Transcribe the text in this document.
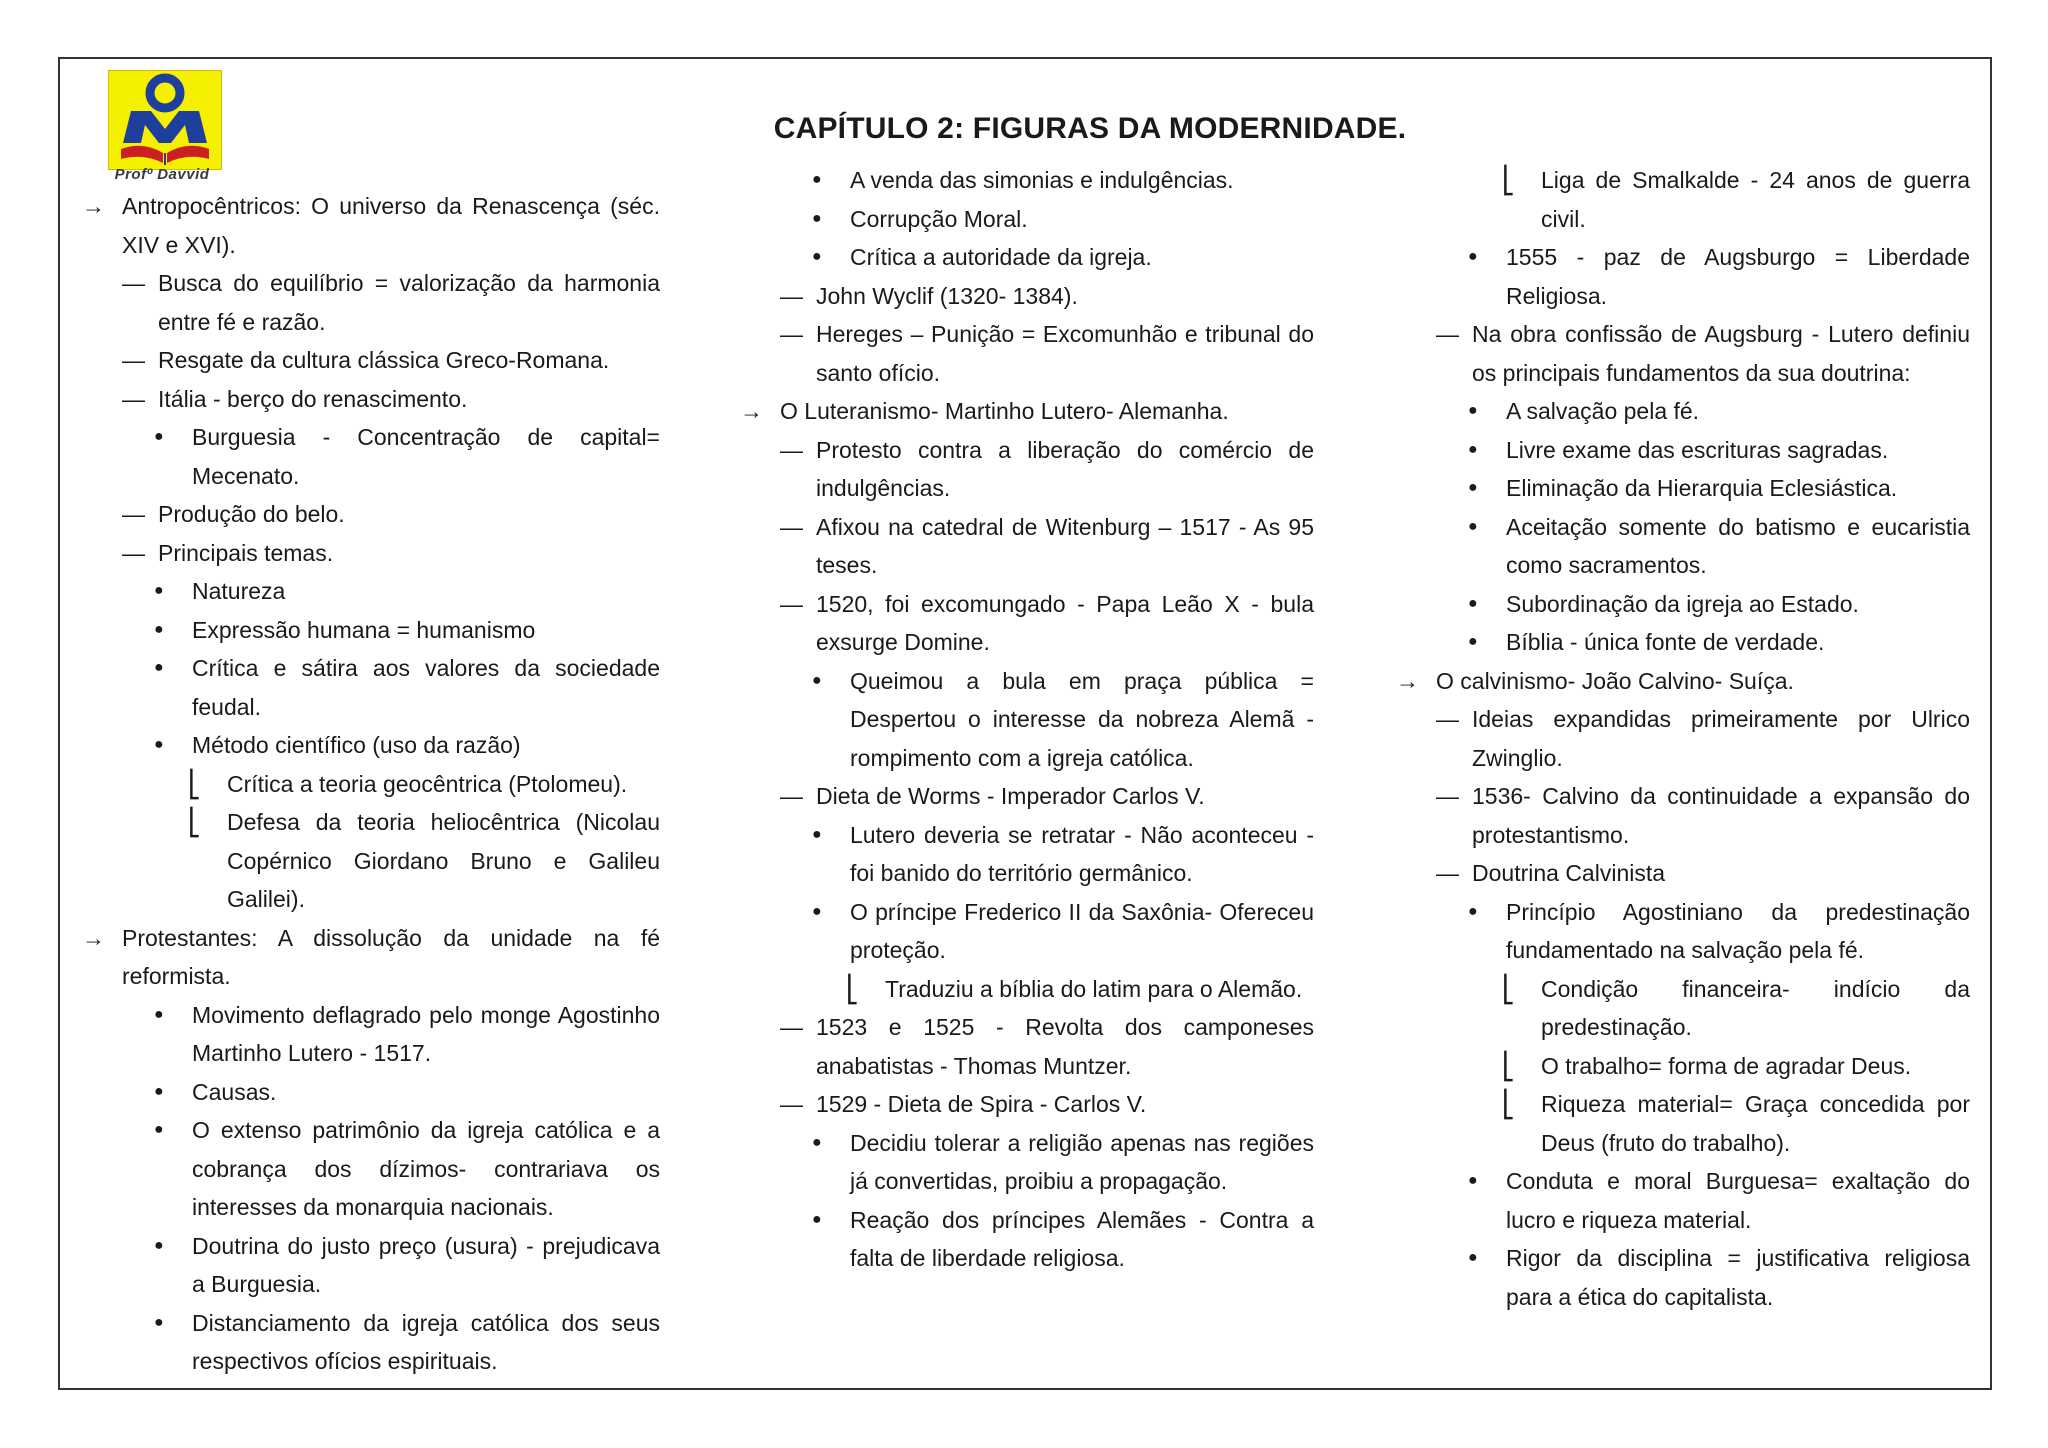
Profº Davvid
CAPÍTULO 2: FIGURAS DA MODERNIDADE.
→ Antropocêntricos: O universo da Renascença (séc. XIV e XVI).
— Busca do equilíbrio = valorização da harmonia entre fé e razão.
— Resgate da cultura clássica Greco-Romana.
— Itália - berço do renascimento.
● Burguesia - Concentração de capital= Mecenato.
— Produção do belo.
— Principais temas.
● Natureza
● Expressão humana = humanismo
● Crítica e sátira aos valores da sociedade feudal.
● Método científico (uso da razão)
⎣ Crítica a teoria geocêntrica (Ptolomeu).
⎣ Defesa da teoria heliocêntrica (Nicolau Copérnico Giordano Bruno e Galileu Galilei).
→ Protestantes: A dissolução da unidade na fé reformista.
● Movimento deflagrado pelo monge Agostinho Martinho Lutero - 1517.
● Causas.
● O extenso patrimônio da igreja católica e a cobrança dos dízimos- contrariava os interesses da monarquia nacionais.
● Doutrina do justo preço (usura) - prejudicava a Burguesia.
● Distanciamento da igreja católica dos seus respectivos ofícios espirituais.
● A venda das simonias e indulgências.
● Corrupção Moral.
● Crítica a autoridade da igreja.
— John Wyclif (1320- 1384).
— Hereges – Punição = Excomunhão e tribunal do santo ofício.
→ O Luteranismo- Martinho Lutero- Alemanha.
— Protesto contra a liberação do comércio de indulgências.
— Afixou na catedral de Witenburg – 1517 - As 95 teses.
— 1520, foi excomungado - Papa Leão X - bula exsurge Domine.
● Queimou a bula em praça pública = Despertou o interesse da nobreza Alemã - rompimento com a igreja católica.
— Dieta de Worms - Imperador Carlos V.
● Lutero deveria se retratar - Não aconteceu - foi banido do território germânico.
● O príncipe Frederico II da Saxônia- Ofereceu proteção.
⎣ Traduziu a bíblia do latim para o Alemão.
— 1523 e 1525 - Revolta dos camponeses anabatistas - Thomas Muntzer.
— 1529 - Dieta de Spira - Carlos V.
● Decidiu tolerar a religião apenas nas regiões já convertidas, proibiu a propagação.
● Reação dos príncipes Alemães - Contra a falta de liberdade religiosa.
⎣ Liga de Smalkalde - 24 anos de guerra civil.
● 1555 - paz de Augsburgo = Liberdade Religiosa.
— Na obra confissão de Augsburg - Lutero definiu os principais fundamentos da sua doutrina:
● A salvação pela fé.
● Livre exame das escrituras sagradas.
● Eliminação da Hierarquia Eclesiástica.
● Aceitação somente do batismo e eucaristia como sacramentos.
● Subordinação da igreja ao Estado.
● Bíblia - única fonte de verdade.
→ O calvinismo- João Calvino- Suíça.
— Ideias expandidas primeiramente por Ulrico Zwinglio.
— 1536- Calvino da continuidade a expansão do protestantismo.
— Doutrina Calvinista
● Princípio Agostiniano da predestinação fundamentado na salvação pela fé.
⎣ Condição financeira- indício da predestinação.
⎣ O trabalho= forma de agradar Deus.
⎣ Riqueza material= Graça concedida por Deus (fruto do trabalho).
● Conduta e moral Burguesa= exaltação do lucro e riqueza material.
● Rigor da disciplina = justificativa religiosa para a ética do capitalista.
